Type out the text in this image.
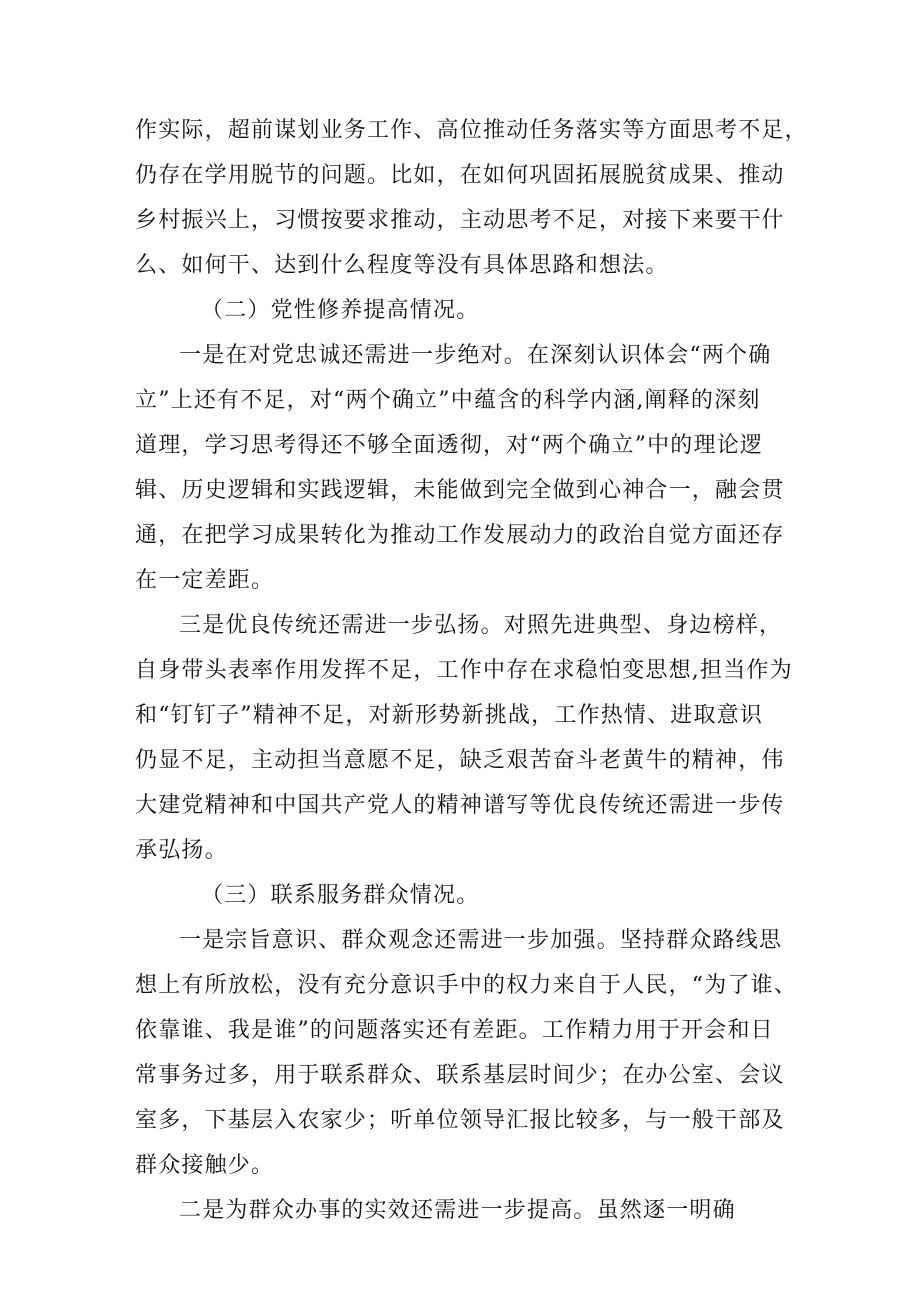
作实际，超前谋划业务工作、高位推动任务落实等方面思考不足，
仍存在学用脱节的问题。比如，在如何巩固拓展脱贫成果、推动
乡村振兴上，习惯按要求推动，主动思考不足，对接下来要干什
么、如何干、达到什么程度等没有具体思路和想法。
（二）党性修养提高情况。
一是在对党忠诚还需进一步绝对。在深刻认识体会“两个确
立”上还有不足，对“两个确立”中蕴含的科学内涵,阐释的深刻
道理，学习思考得还不够全面透彻，对“两个确立”中的理论逻
辑、历史逻辑和实践逻辑，未能做到完全做到心神合一，融会贯
通，在把学习成果转化为推动工作发展动力的政治自觉方面还存
在一定差距。
三是优良传统还需进一步弘扬。对照先进典型、身边榜样，
自身带头表率作用发挥不足，工作中存在求稳怕变思想,担当作为
和“钉钉子”精神不足，对新形势新挑战，工作热情、进取意识
仍显不足，主动担当意愿不足，缺乏艰苦奋斗老黄牛的精神，伟
大建党精神和中国共产党人的精神谱写等优良传统还需进一步传
承弘扬。
（三）联系服务群众情况。
一是宗旨意识、群众观念还需进一步加强。坚持群众路线思
想上有所放松，没有充分意识手中的权力来自于人民，“为了谁、
依靠谁、我是谁”的问题落实还有差距。工作精力用于开会和日
常事务过多，用于联系群众、联系基层时间少；在办公室、会议
室多，下基层入农家少；听单位领导汇报比较多，与一般干部及
群众接触少。
二是为群众办事的实效还需进一步提高。虽然逐一明确
